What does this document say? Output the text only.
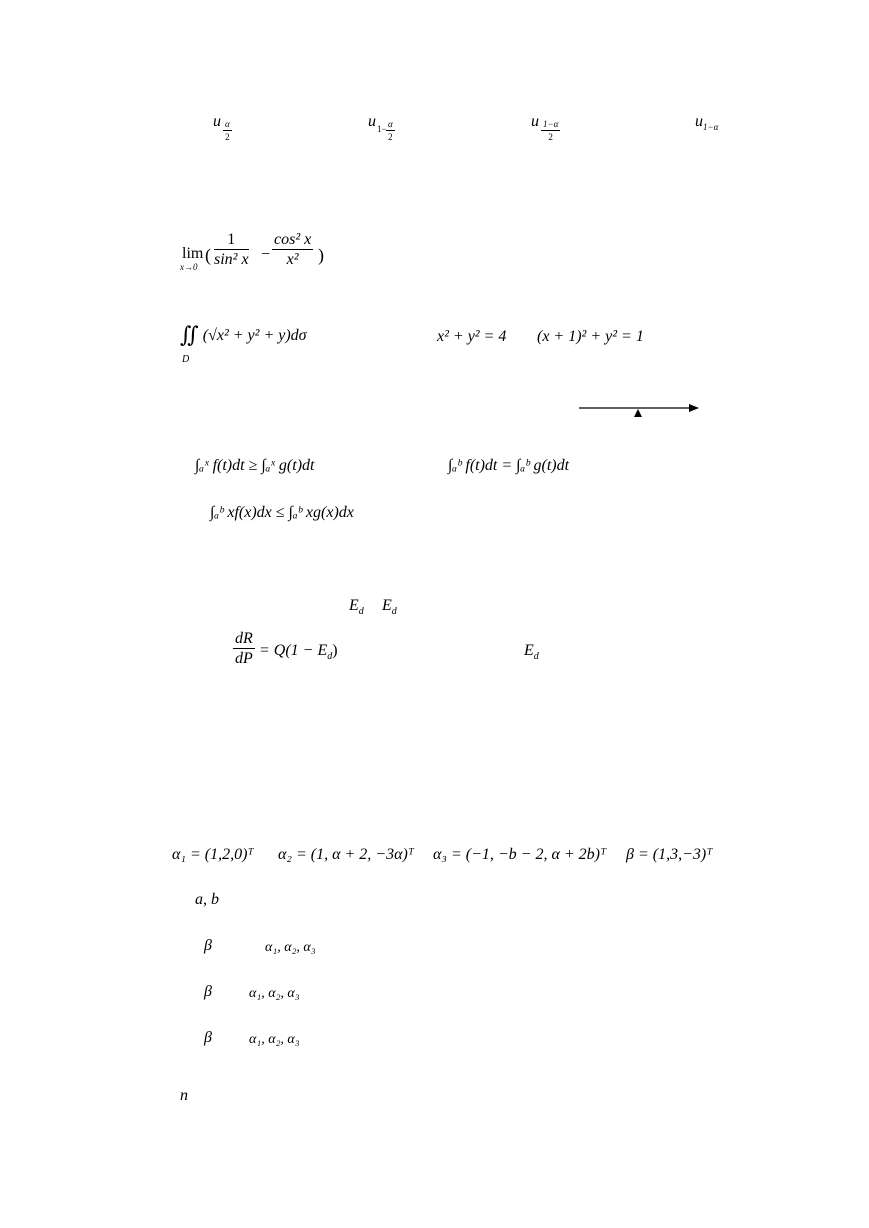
u $\frac{\alpha}{2}$	u $1- \frac{\alpha}{2}$	u $\frac{1-\alpha}{2}$	$u_{1-\alpha}$
lim
x→0
( $\frac{1}{\text{sin² x}} - \frac{\text{cos² x}}{\text{x²}}$ )
∬ (√x² + y² + y)dσ
D
x² + y² = 4 (x + 1)² + y² = 1
∫ₐˣ f(t)dt ≥ ∫ₐˣ g(t)dt	∫ₐᵇ f(t)dt = ∫ₐᵇ g(t)dt
∫ₐᵇ xf(x)dx ≤ ∫ₐᵇ xg(x)dx
$E_d$ $E_d$
$\frac{dR}{dP} = Q(1 - E_d)$	$E_d$
α₁ = (1,2,0)ᵀ α₂ = (1, α + 2, −3α)ᵀ α₃ = (−1, −b − 2, α + 2b)ᵀ β = (1,3,−3)ᵀ
a, b
β	α₁, α₂, α₃
β	α₁, α₂, α₃
β	α₁, α₂, α₃
n
